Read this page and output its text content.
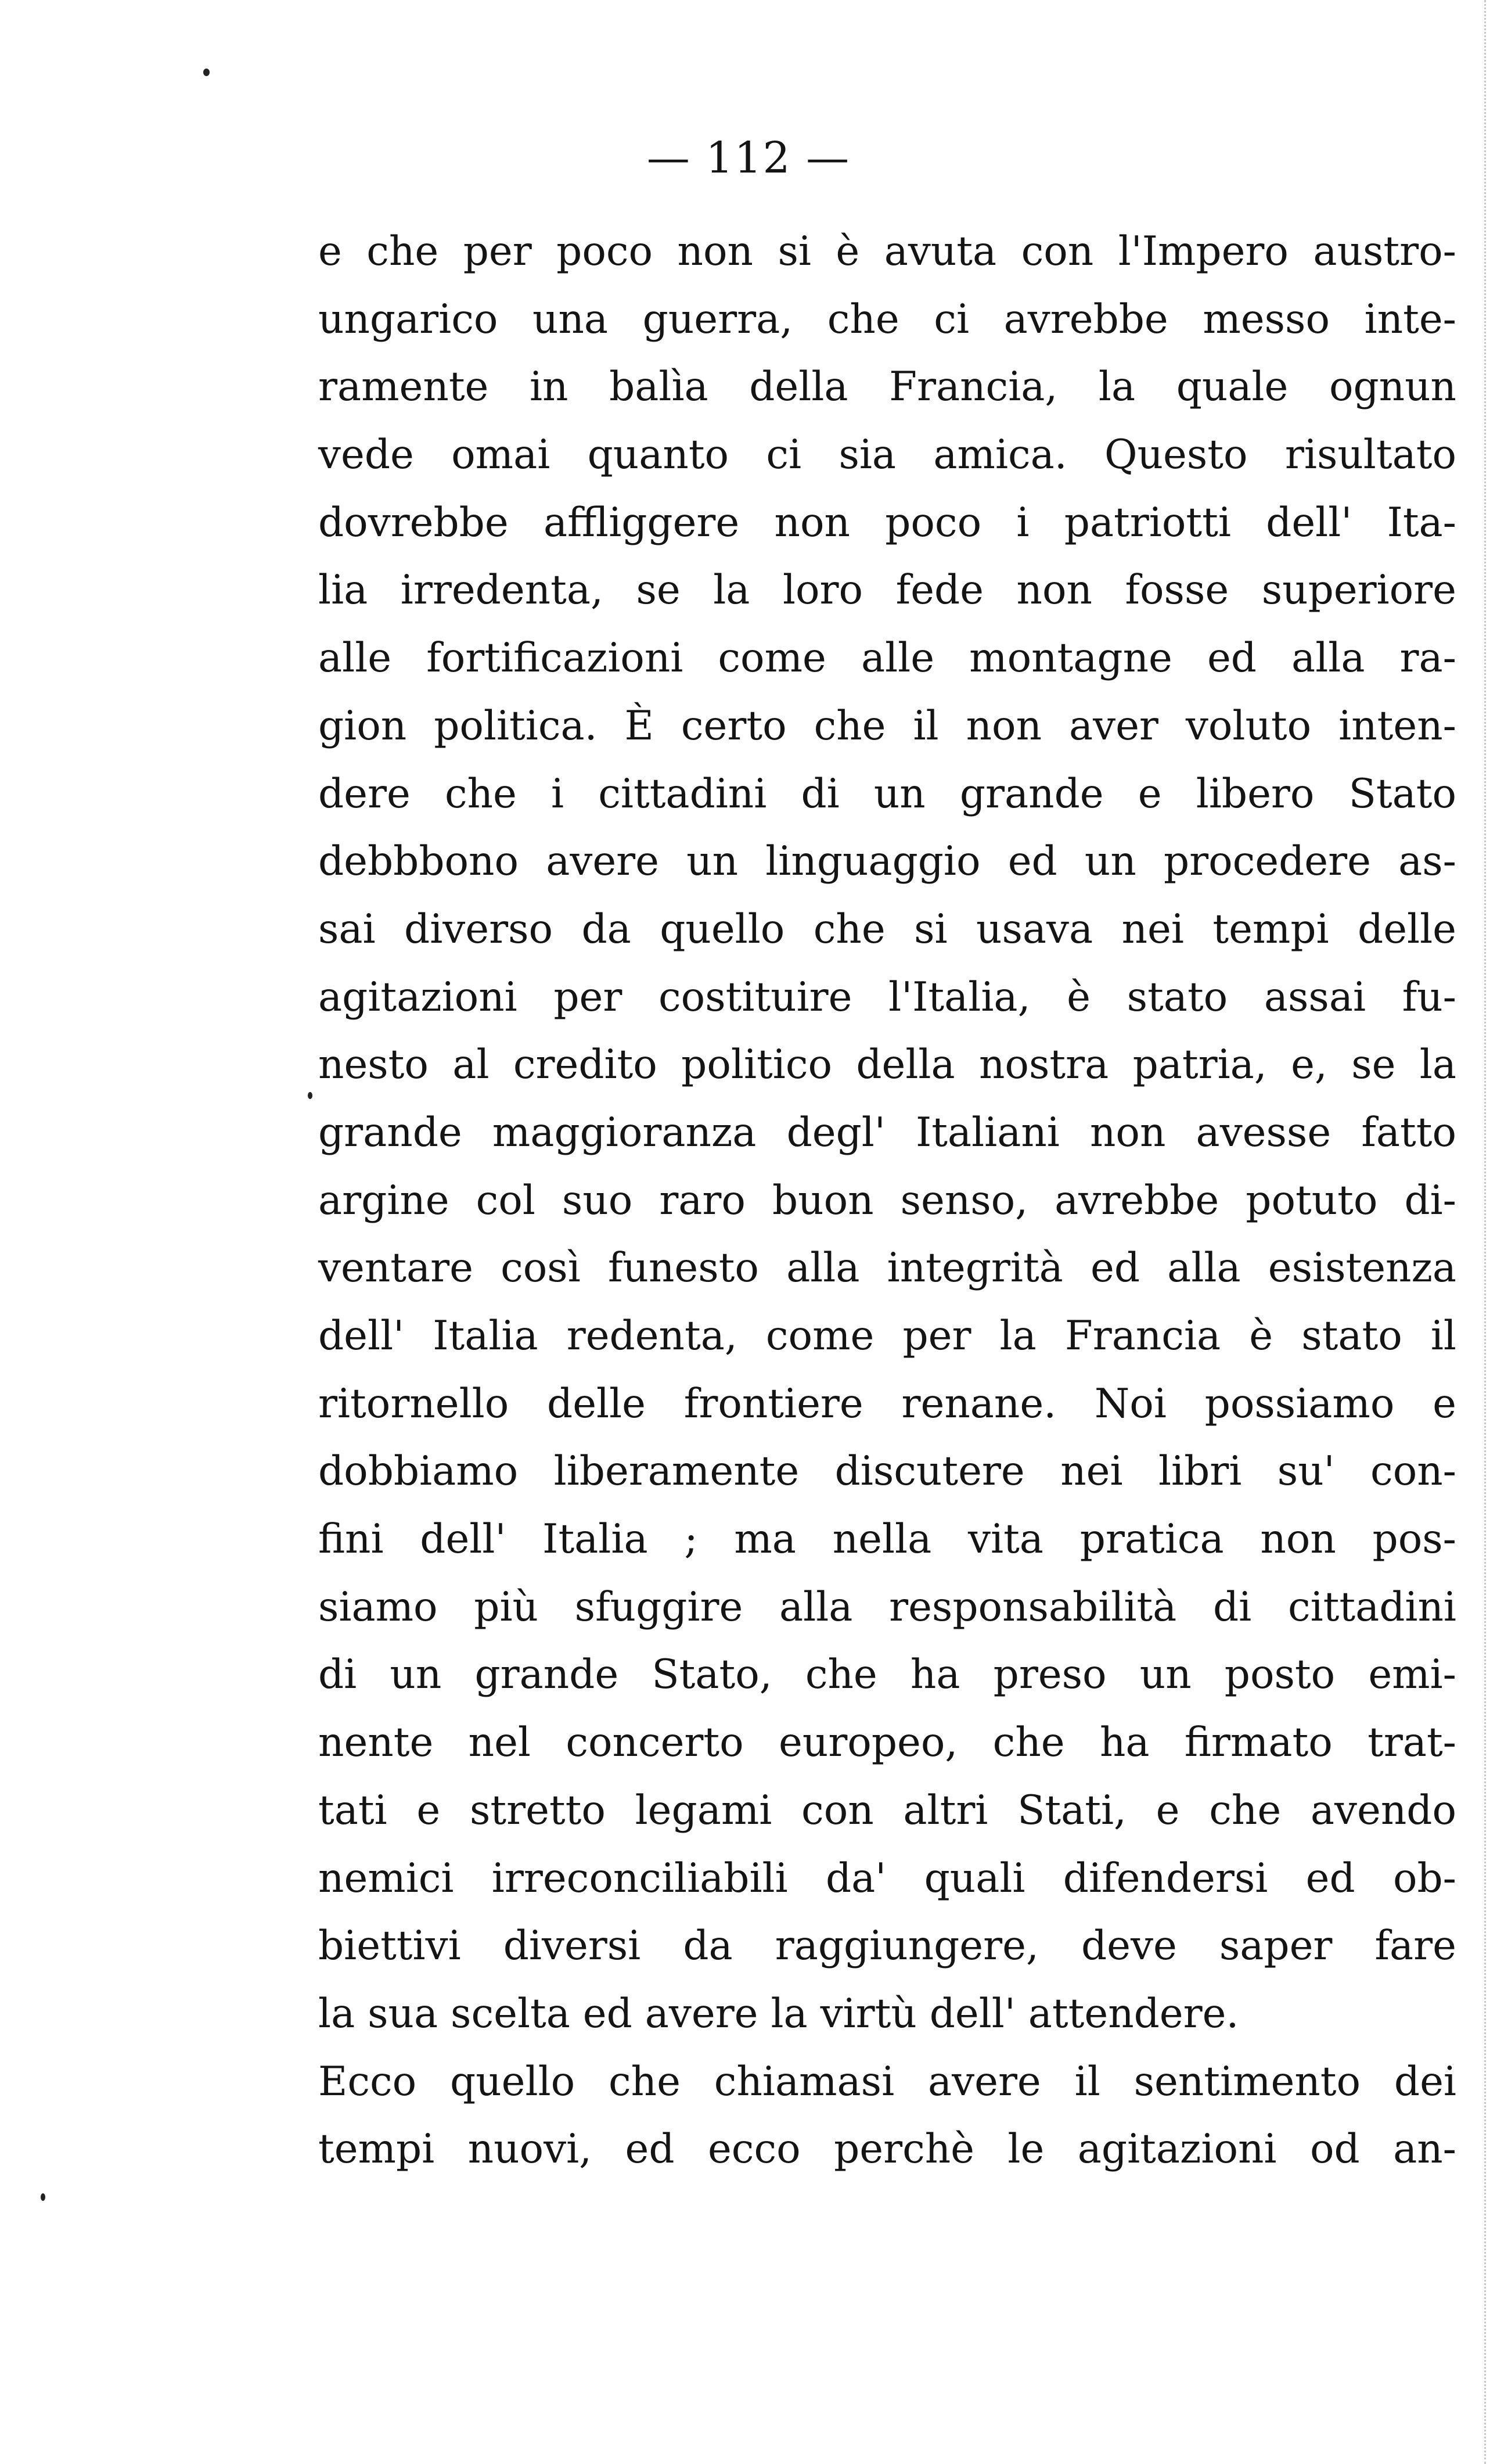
— 112 —
e che per poco non si è avuta con l'Impero austro-
ungarico una guerra, che ci avrebbe messo inte-
ramente in balìa della Francia, la quale ognun
vede omai quanto ci sia amica. Questo risultato
dovrebbe affliggere non poco i patriotti dell' Ita-
lia irredenta, se la loro fede non fosse superiore
alle fortificazioni come alle montagne ed alla ra-
gion politica. È certo che il non aver voluto inten-
dere che i cittadini di un grande e libero Stato
debbbono avere un linguaggio ed un procedere as-
sai diverso da quello che si usava nei tempi delle
agitazioni per costituire l'Italia, è stato assai fu-
nesto al credito politico della nostra patria, e, se la
grande maggioranza degl' Italiani non avesse fatto
argine col suo raro buon senso, avrebbe potuto di-
ventare così funesto alla integrità ed alla esistenza
dell' Italia redenta, come per la Francia è stato il
ritornello delle frontiere renane. Noi possiamo e
dobbiamo liberamente discutere nei libri su' con-
fini dell' Italia ; ma nella vita pratica non pos-
siamo più sfuggire alla responsabilità di cittadini
di un grande Stato, che ha preso un posto emi-
nente nel concerto europeo, che ha firmato trat-
tati e stretto legami con altri Stati, e che avendo
nemici irreconciliabili da' quali difendersi ed ob-
biettivi diversi da raggiungere, deve saper fare
la sua scelta ed avere la virtù dell' attendere.
Ecco quello che chiamasi avere il sentimento dei
tempi nuovi, ed ecco perchè le agitazioni od an-
